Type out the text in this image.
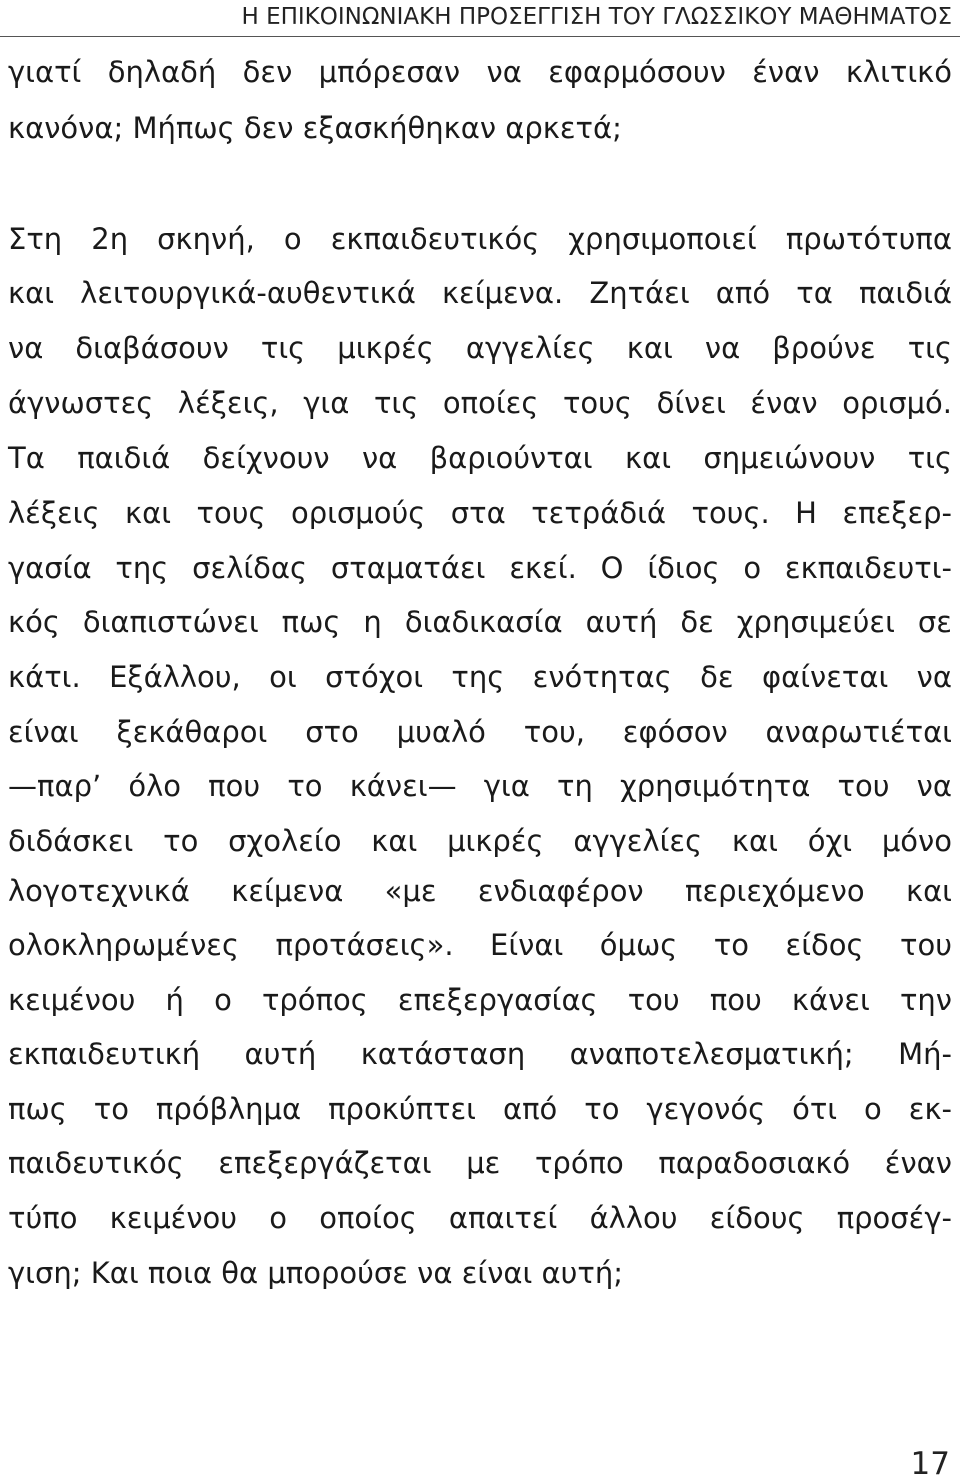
Η ΕΠΙΚΟΙΝΩΝΙΑΚΗ ΠΡΟΣΕΓΓΙΣΗ ΤΟΥ ΓΛΩΣΣΙΚΟΥ ΜΑΘΗΜΑΤΟΣ
γιατί δηλαδή δεν μπόρεσαν να εφαρμόσουν έναν κλιτικό
κανόνα; Μήπως δεν εξασκήθηκαν αρκετά;
Στη 2η σκηνή, ο εκπαιδευτικός χρησιμοποιεί πρωτότυπα
και λειτουργικά-αυθεντικά κείμενα. Ζητάει από τα παιδιά
να διαβάσουν τις μικρές αγγελίες και να βρούνε τις
άγνωστες λέξεις, για τις οποίες τους δίνει έναν ορισμό.
Τα παιδιά δείχνουν να βαριούνται και σημειώνουν τις
λέξεις και τους ορισμούς στα τετράδιά τους. Η επεξερ-
γασία της σελίδας σταματάει εκεί. Ο ίδιος ο εκπαιδευτι-
κός διαπιστώνει πως η διαδικασία αυτή δε χρησιμεύει σε
κάτι. Εξάλλου, οι στόχοι της ενότητας δε φαίνεται να
είναι ξεκάθαροι στο μυαλό του, εφόσον αναρωτιέται
—παρ’ όλο που το κάνει— για τη χρησιμότητα του να
διδάσκει το σχολείο και μικρές αγγελίες και όχι μόνο
λογοτεχνικά κείμενα «με ενδιαφέρον περιεχόμενο και
ολοκληρωμένες προτάσεις». Είναι όμως το είδος του
κειμένου ή ο τρόπος επεξεργασίας του που κάνει την
εκπαιδευτική αυτή κατάσταση αναποτελεσματική; Μή-
πως το πρόβλημα προκύπτει από το γεγονός ότι ο εκ-
παιδευτικός επεξεργάζεται με τρόπο παραδοσιακό έναν
τύπο κειμένου ο οποίος απαιτεί άλλου είδους προσέγ-
γιση; Και ποια θα μπορούσε να είναι αυτή;
17
